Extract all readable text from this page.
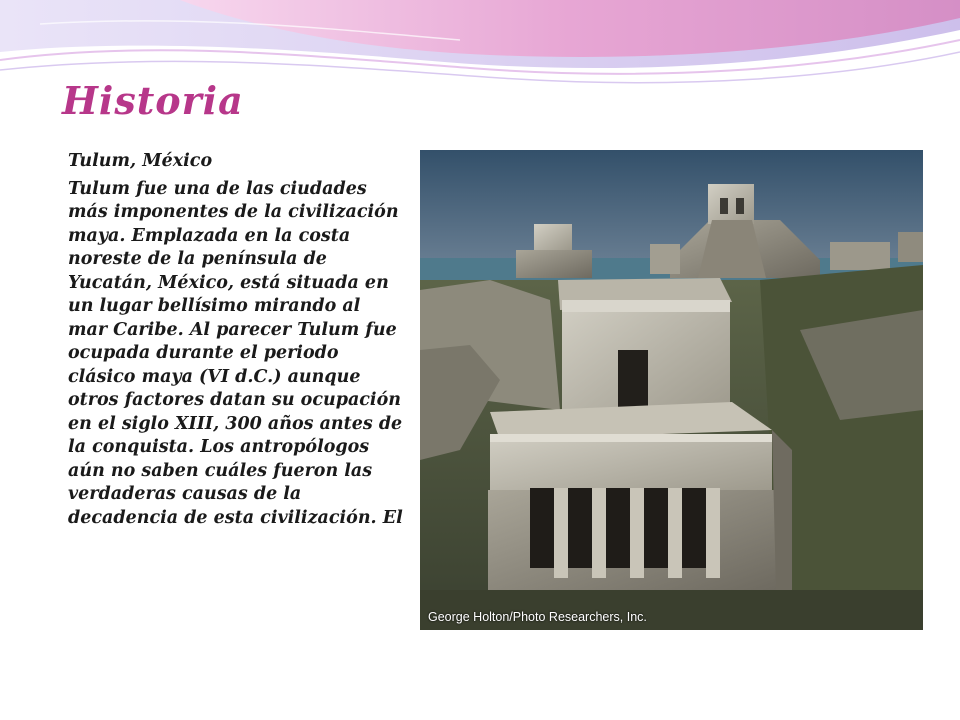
Historia

Tulum, México

Tulum fue una de las ciudades más imponentes de la civilización maya. Emplazada en la costa noreste de la península de Yucatán, México, está situada en un lugar bellísimo mirando al mar Caribe. Al parecer Tulum fue ocupada durante el periodo clásico maya (VI d.C.) aunque otros factores datan su ocupación en el siglo XIII, 300 años antes de la conquista. Los antropólogos aún no saben cuáles fueron las verdaderas causas de la decadencia de esta civilización. El

George Holton/Photo Researchers, Inc.
